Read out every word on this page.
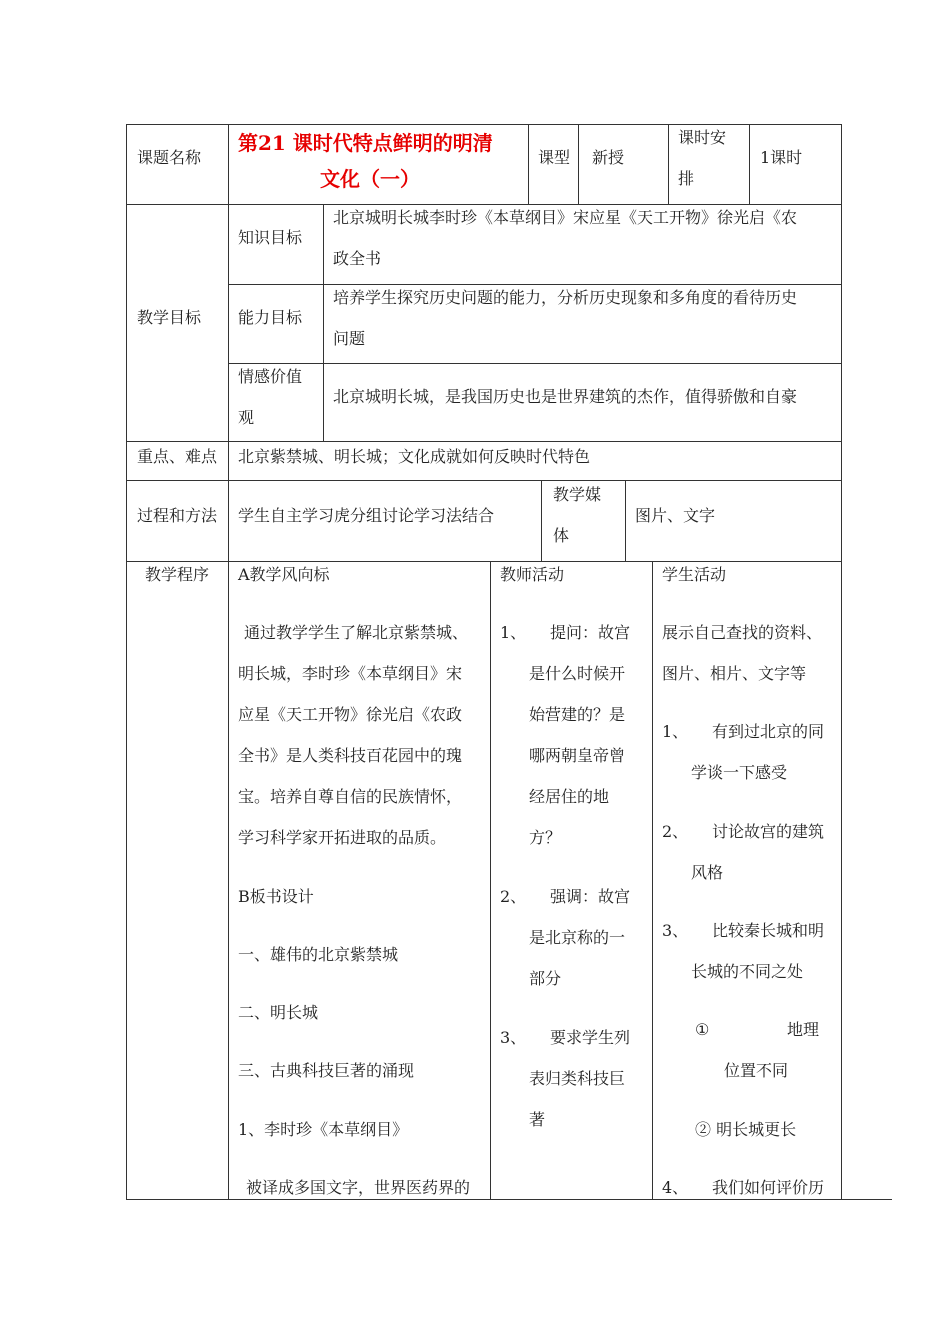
课题名称
第21 课时代特点鲜明的明清
文化（一）
课型 新授
课时安
排
1课时
教学目标
知识目标
北京城明长城李时珍《本草纲目》宋应星《天工开物》徐光启《农
政全书
能力目标
培养学生探究历史问题的能力，分析历史现象和多角度的看待历史
问题
情感价值
观
北京城明长城，是我国历史也是世界建筑的杰作，值得骄傲和自豪
重点、难点 北京紫禁城、明长城；文化成就如何反映时代特色
过程和方法 学生自主学习虎分组讨论学习法结合
教学媒
体
图片、文字
教学程序 A教学风向标
通过教学学生了解北京紫禁城、
明长城，李时珍《本草纲目》宋
应星《天工开物》徐光启《农政
全书》是人类科技百花园中的瑰
宝。培养自尊自信的民族情怀，
学习科学家开拓进取的品质。
B板书设计
一、雄伟的北京紫禁城
二、明长城
三、古典科技巨著的涌现
1、李时珍《本草纲目》
被译成多国文字，世界医药界的
教师活动
1、 提问：故宫
是什么时候开
始营建的？是
哪两朝皇帝曾
经居住的地
方？
2、 强调：故宫
是北京称的一
部分
3、 要求学生列
表归类科技巨
著
学生活动
展示自己查找的资料、
图片、相片、文字等
1、 有到过北京的同
学谈一下感受
2、 讨论故宫的建筑
风格
3、 比较秦长城和明
长城的不同之处
①	地理
位置不同
② 明长城更长
4、 我们如何评价历
